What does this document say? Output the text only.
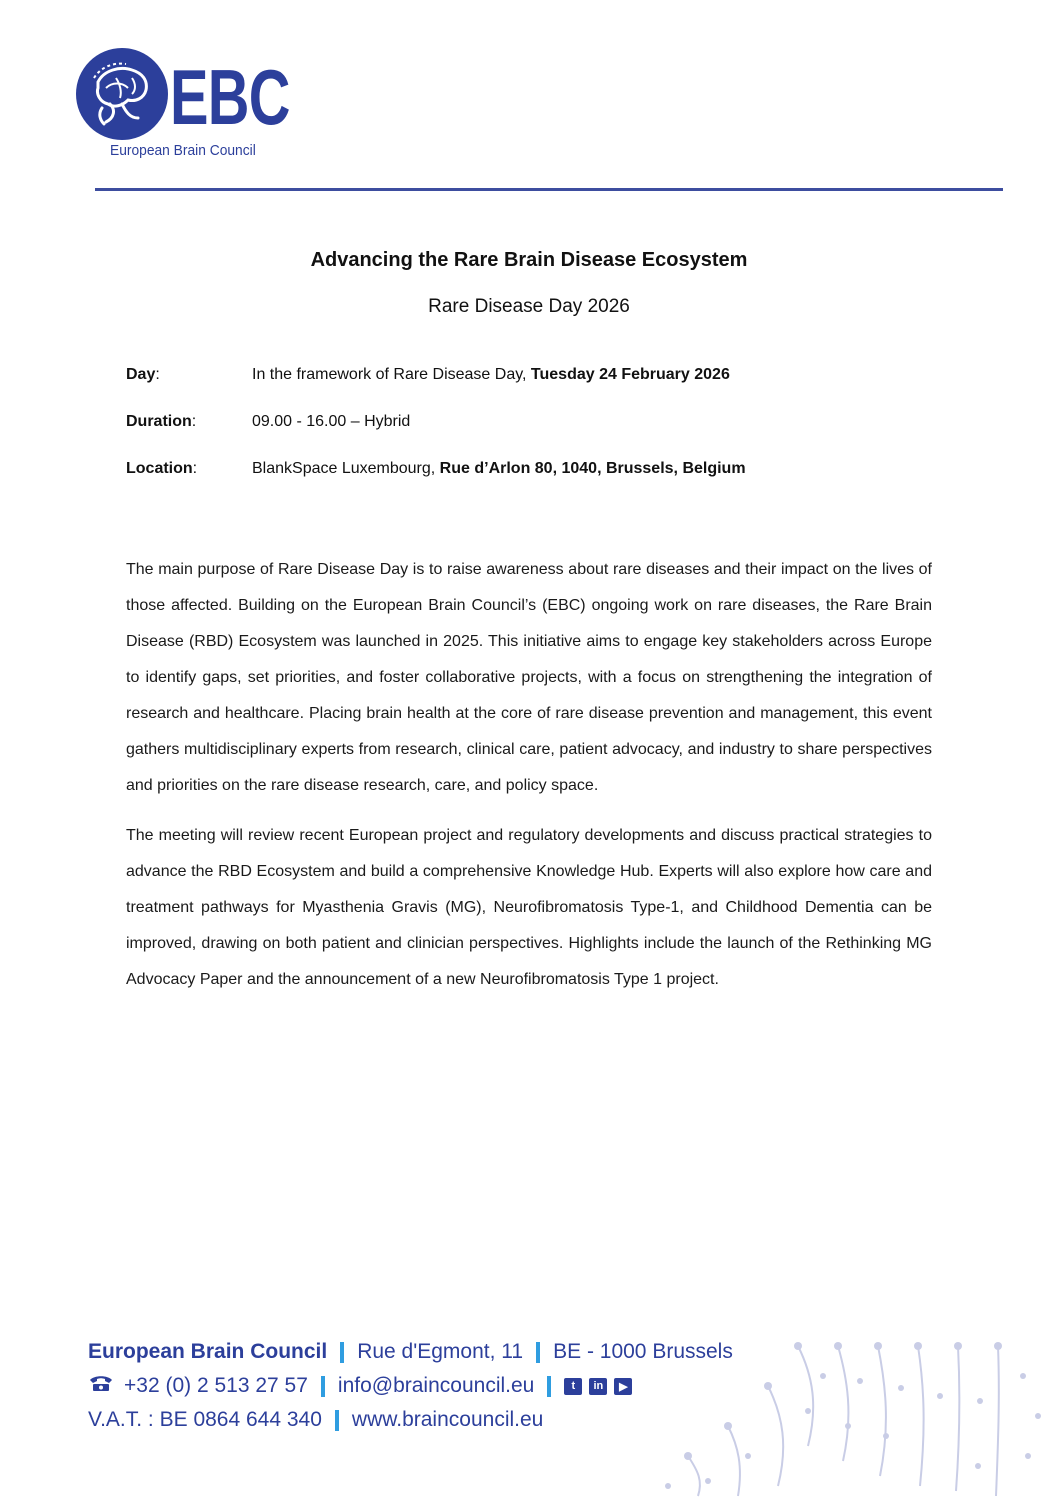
EBC
European Brain Council
Advancing the Rare Brain Disease Ecosystem
Rare Disease Day 2026
Day:	In the framework of Rare Disease Day, Tuesday 24 February 2026
Duration:	09.00 - 16.00 – Hybrid
Location:	BlankSpace Luxembourg, Rue d’Arlon 80, 1040, Brussels, Belgium

The main purpose of Rare Disease Day is to raise awareness about rare diseases and their impact on the lives of those affected. Building on the European Brain Council’s (EBC) ongoing work on rare diseases, the Rare Brain Disease (RBD) Ecosystem was launched in 2025. This initiative aims to engage key stakeholders across Europe to identify gaps, set priorities, and foster collaborative projects, with a focus on strengthening the integration of research and healthcare. Placing brain health at the core of rare disease prevention and management, this event gathers multidisciplinary experts from research, clinical care, patient advocacy, and industry to share perspectives and priorities on the rare disease research, care, and policy space.

The meeting will review recent European project and regulatory developments and discuss practical strategies to advance the RBD Ecosystem and build a comprehensive Knowledge Hub. Experts will also explore how care and treatment pathways for Myasthenia Gravis (MG), Neurofibromatosis Type-1, and Childhood Dementia can be improved, drawing on both patient and clinician perspectives. Highlights include the launch of the Rethinking MG Advocacy Paper and the announcement of a new Neurofibromatosis Type 1 project.

European Brain Council Rue d'Egmont, 11 BE - 1000 Brussels
+32 (0) 2 513 27 57 info@braincouncil.eu	t	in	▶
V.A.T. : BE 0864 644 340 www.braincouncil.eu
